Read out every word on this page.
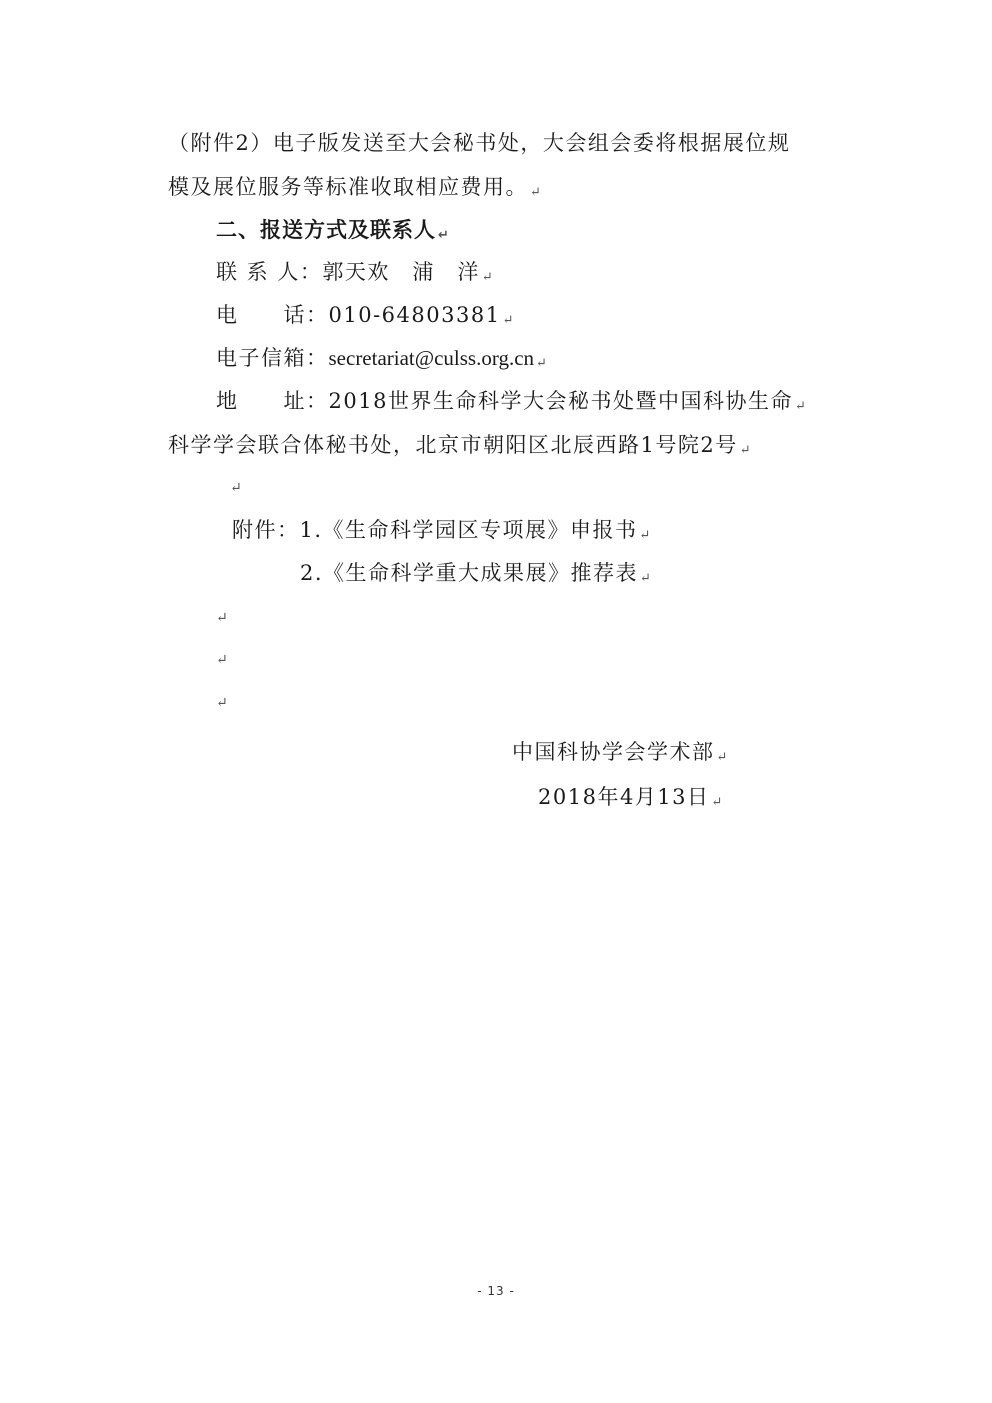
（附件2）电子版发送至大会秘书处，大会组会委将根据展位规
模及展位服务等标准收取相应费用。 ↵
二、报送方式及联系人 ↵
联 系 人：郭天欢　浦　洋 ↵
电　　话：010-64803381 ↵
电子信箱：secretariat@culss.org.cn ↵
地　　址：2018世界生命科学大会秘书处暨中国科协生命 ↵
科学学会联合体秘书处，北京市朝阳区北辰西路1号院2号 ↵
↵
附件：1.《生命科学园区专项展》申报书 ↵
2.《生命科学重大成果展》推荐表 ↵
↵
↵
↵
中国科协学会学术部 ↵
2018年4月13日 ↵
- 13 -
